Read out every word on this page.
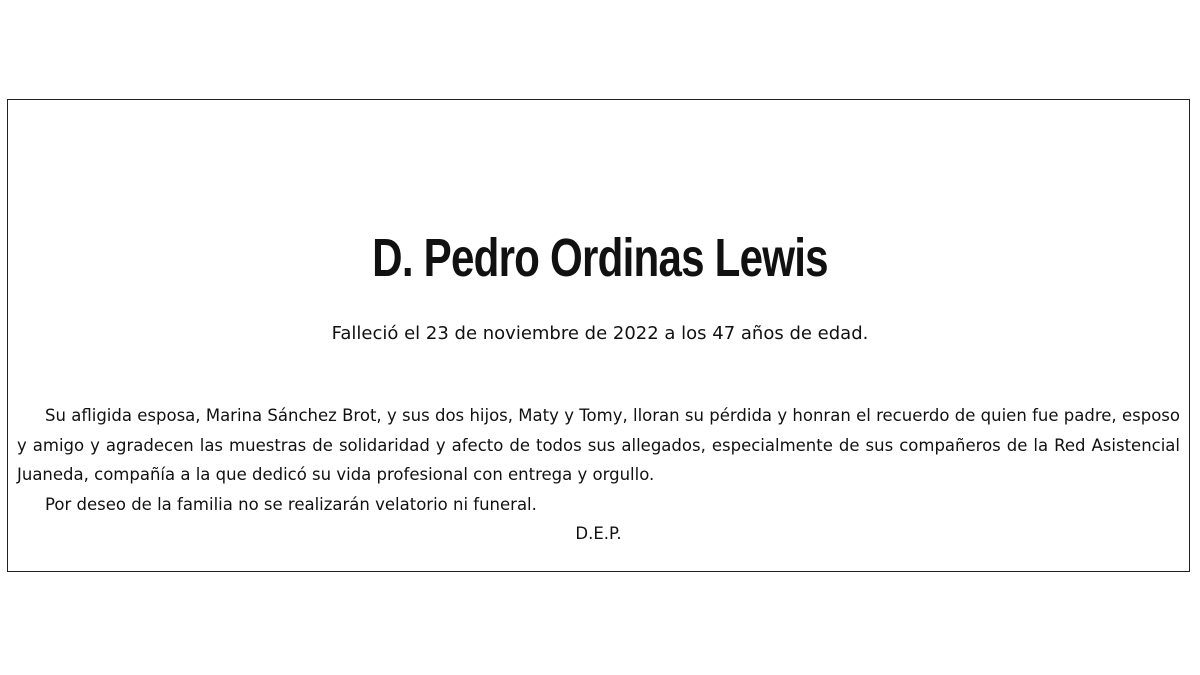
D. Pedro Ordinas Lewis
Falleció el 23 de noviembre de 2022 a los 47 años de edad.

Su afligida esposa, Marina Sánchez Brot, y sus dos hijos, Maty y Tomy, lloran su pérdida y honran el recuerdo de quien fue padre, esposo y amigo y agradecen las muestras de solidaridad y afecto de todos sus allegados, especialmente de sus compañeros de la Red Asistencial Juaneda, compañía a la que dedicó su vida profesional con entrega y orgullo.

Por deseo de la familia no se realizarán velatorio ni funeral.

D.E.P.
